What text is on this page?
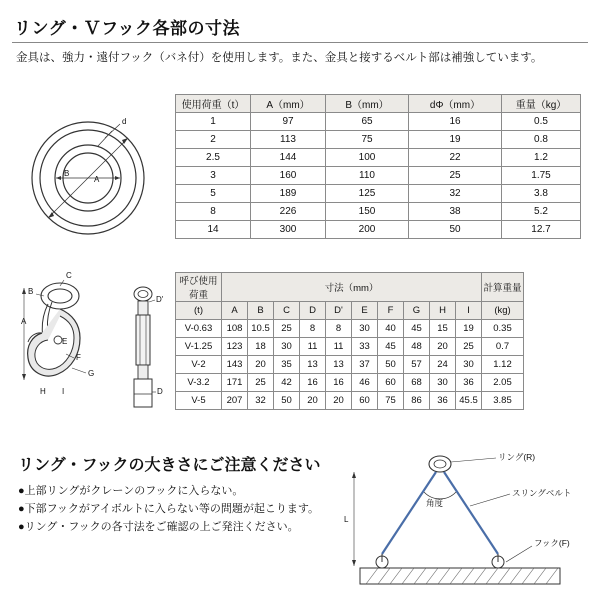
リング・Ｖフック各部の寸法
金具は、強力・遠付フック（バネ付）を使用します。また、金具と接するベルト部は補強しています。
d
B
A
C
B
A
E
F
G
H I
D'
D
使用荷重（t）	A（mm）	B（mm）	dΦ（mm）	重量（kg）
1	97	65	16	0.5
2	113	75	19	0.8
2.5	144	100	22	1.2
3	160	110	25	1.75
5	189	125	32	3.8
8	226	150	38	5.2
14	300	200	50	12.7
呼び使用荷重	寸法（mm）										計算重量
(t)	A	B	C	D	D'	E	F	G	H	I	(kg)
V-0.63	108	10.5	25	8	8	30	40	45	15	19	0.35
V-1.25	123	18	30	11	11	33	45	48	20	25	0.7
V-2	143	20	35	13	13	37	50	57	24	30	1.12
V-3.2	171	25	42	16	16	46	60	68	30	36	2.05
V-5	207	32	50	20	20	60	75	86	36	45.5	3.85
リング・フックの大きさにご注意ください
●上部リングがクレーンのフックに入らない。
●下部フックがアイボルトに入らない等の問題が起こります。
●リング・フックの各寸法をご確認の上ご発注ください。
角度
リング(R)
スリングベルト
フック(F)
L
